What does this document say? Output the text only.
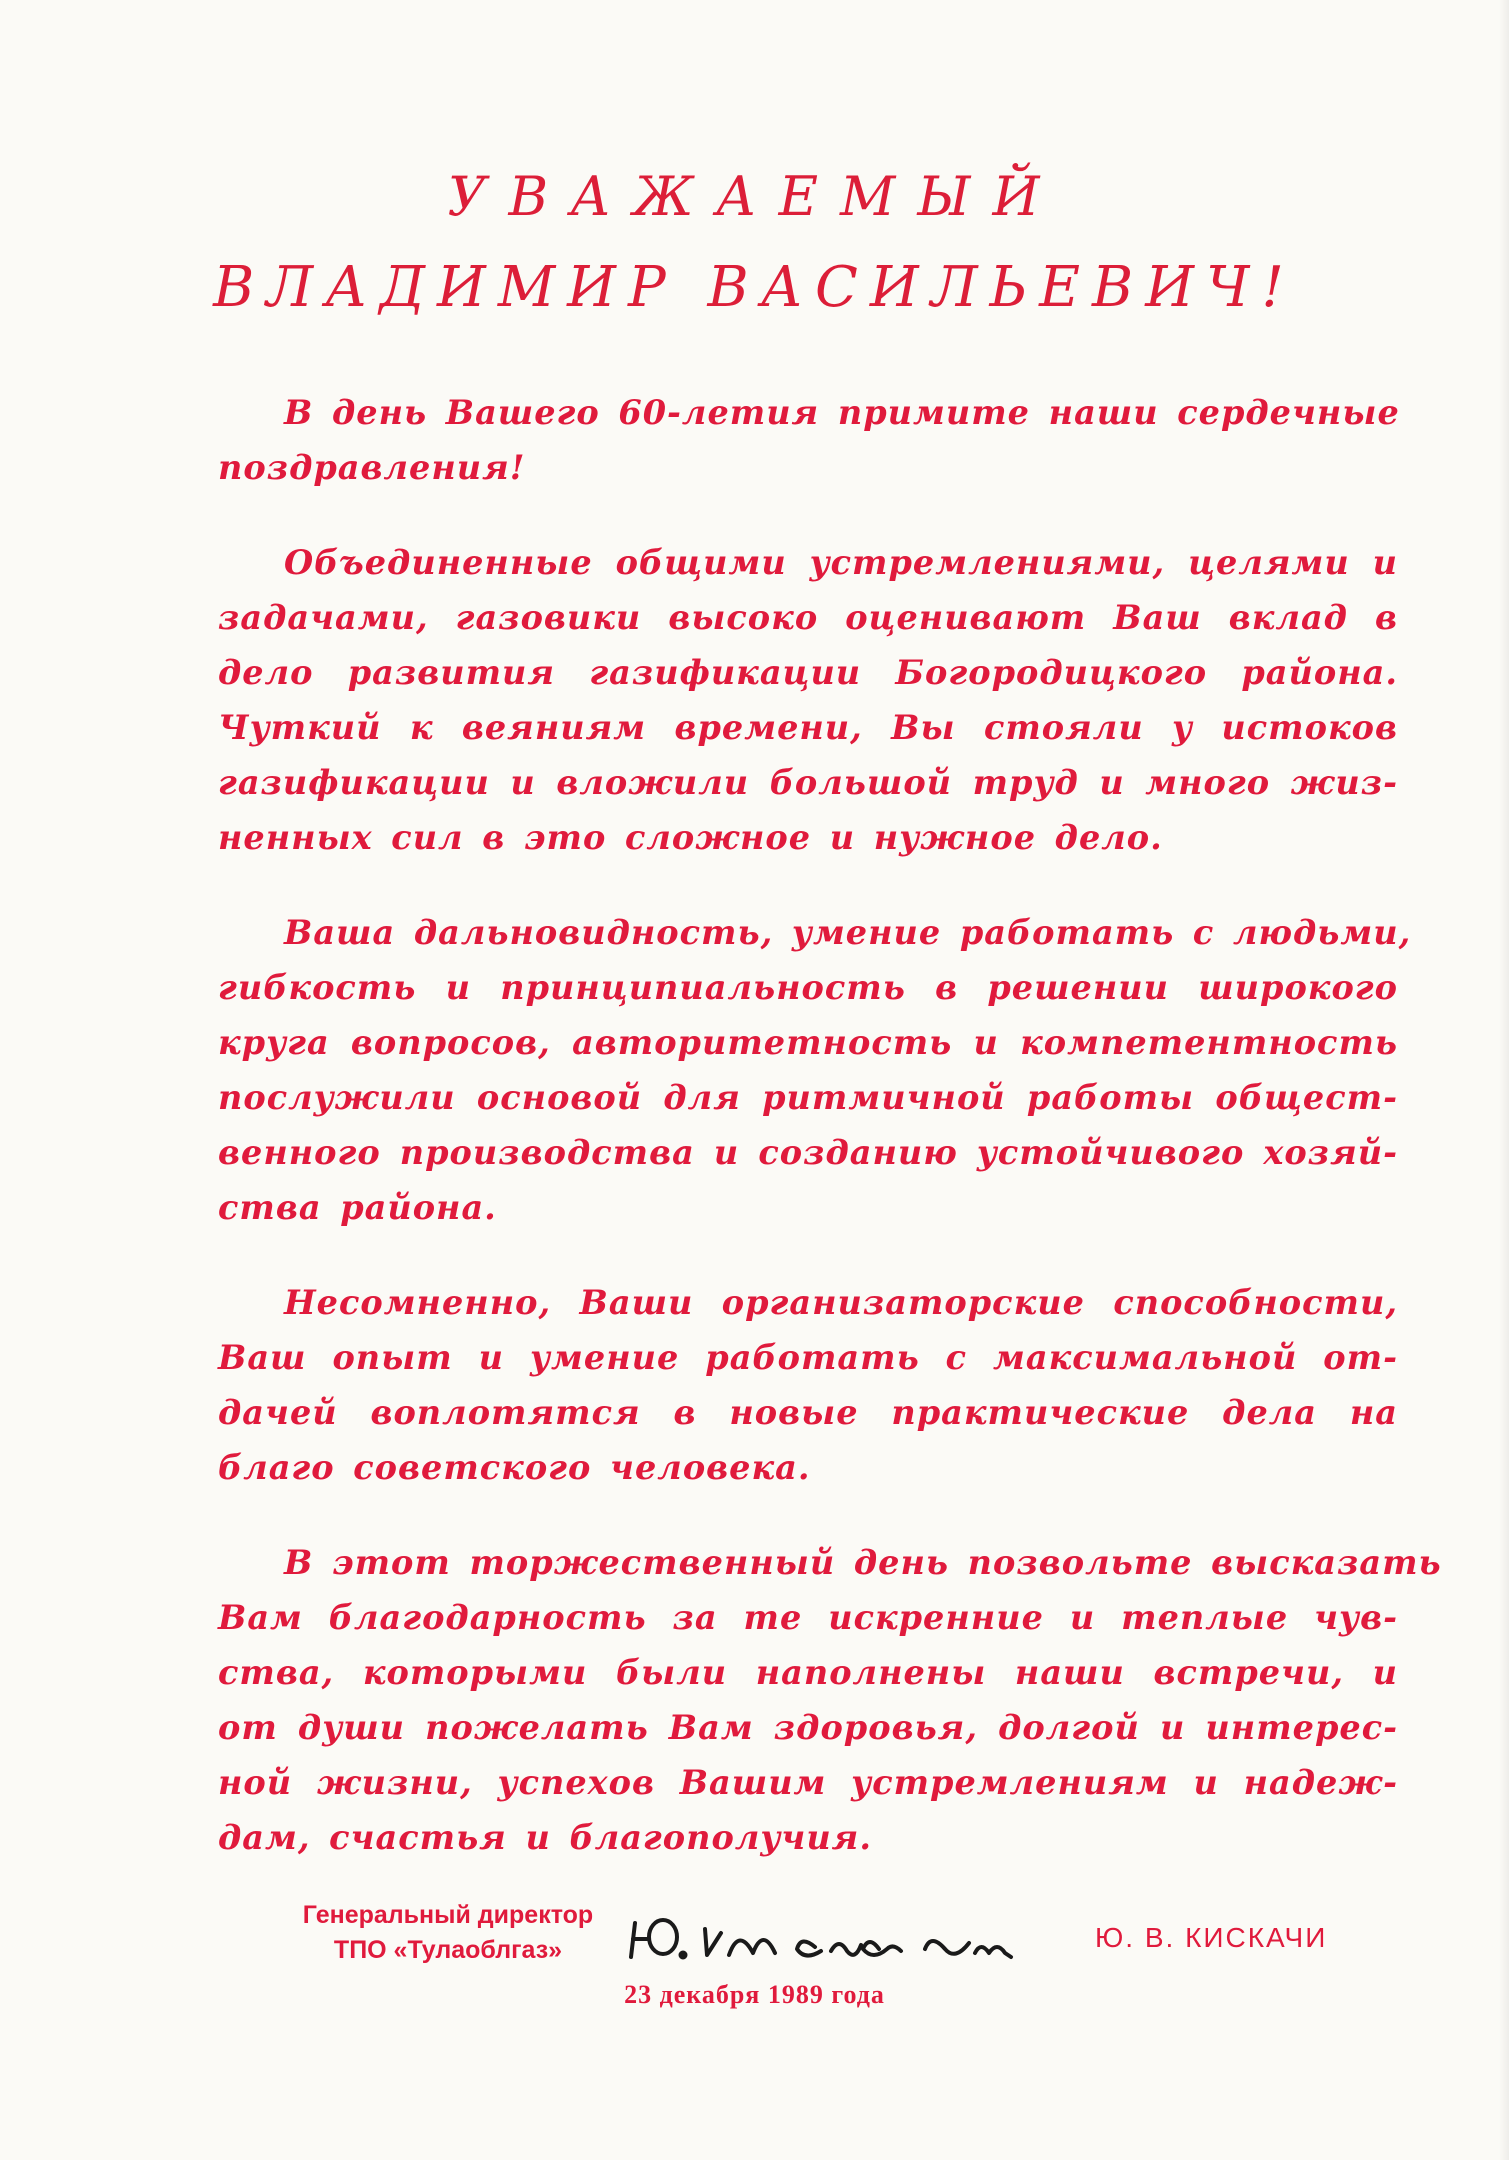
УВАЖАЕМЫЙ
ВЛАДИМИР ВАСИЛЬЕВИЧ!
В день Вашего 60-летия примите наши сердечные
поздравления!
Объединенные общими устремлениями, целями и
задачами, газовики высоко оценивают Ваш вклад в
дело развития газификации Богородицкого района.
Чуткий к веяниям времени, Вы стояли у истоков
газификации и вложили большой труд и много жиз-
ненных сил в это сложное и нужное дело.
Ваша дальновидность, умение работать с людьми,
гибкость и принципиальность в решении широкого
круга вопросов, авторитетность и компетентность
послужили основой для ритмичной работы общест-
венного производства и созданию устойчивого хозяй-
ства района.
Несомненно, Ваши организаторские способности,
Ваш опыт и умение работать с максимальной от-
дачей воплотятся в новые практические дела на
благо советского человека.
В этот торжественный день позвольте высказать
Вам благодарность за те искренние и теплые чув-
ства, которыми были наполнены наши встречи, и
от души пожелать Вам здоровья, долгой и интерес-
ной жизни, успехов Вашим устремлениям и надеж-
дам, счастья и благополучия.
Генеральный директор
ТПО «Тулаоблгаз»	Ю. В. КИСКАЧИ
23 декабря 1989 года
